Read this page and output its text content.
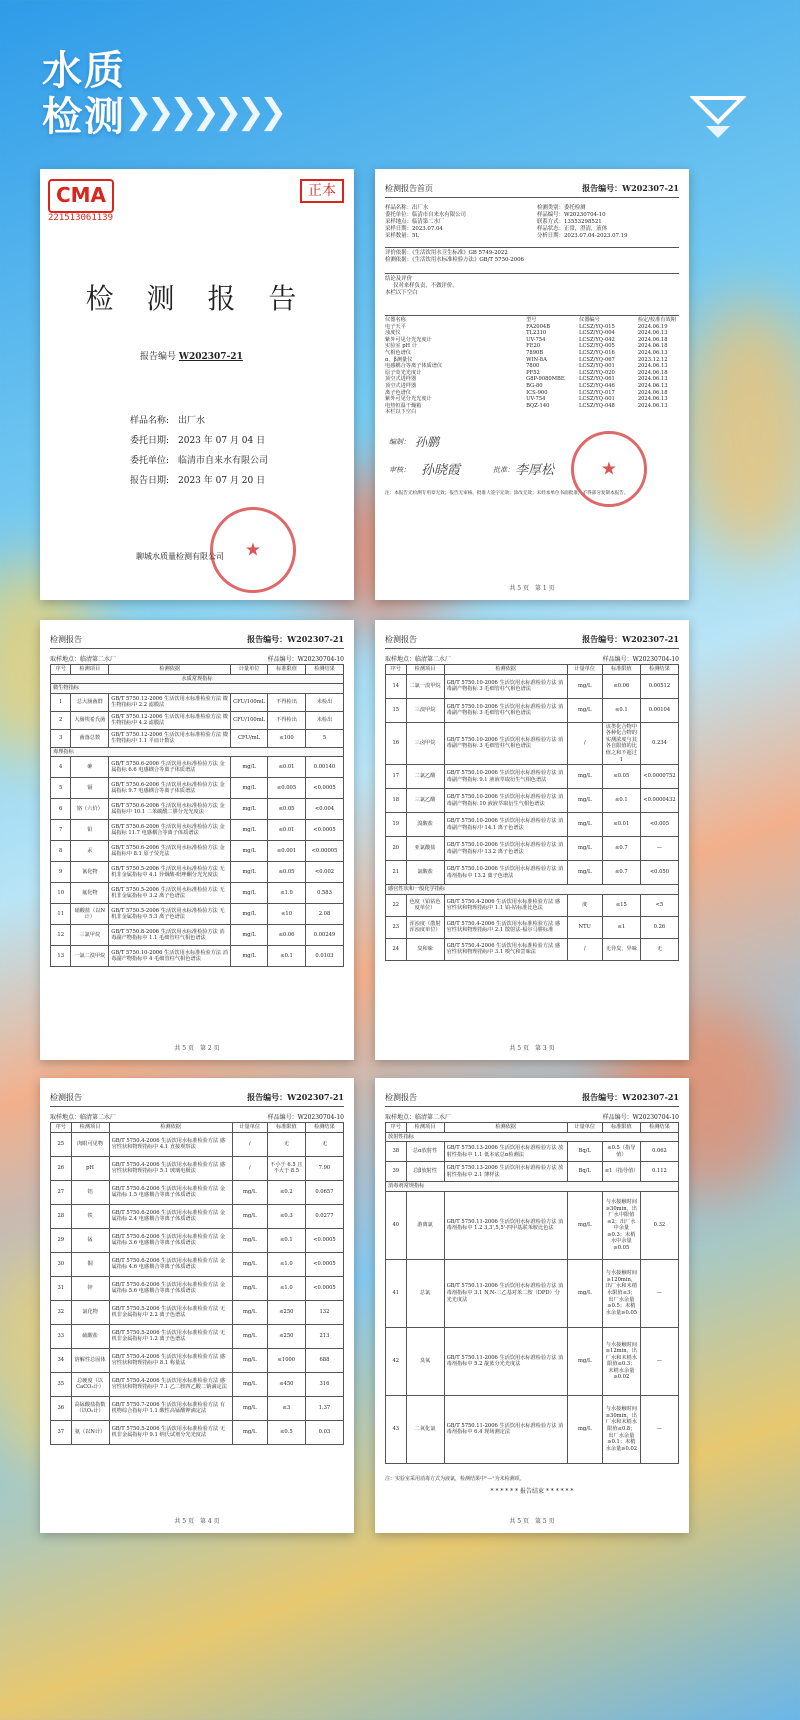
水质
检测
❯❯❯❯❯❯❯
CMA
221513061139
正本
检 测 报 告
报告编号 W202307-21
样品名称: 出厂水
委托日期: 2023 年 07 月 04 日
委托单位: 临清市自来水有限公司
报告日期: 2023 年 07 月 20 日
★
聊城水质量检测有限公司
检测报告首页	报告编号：W202307-21
样品名称：出厂水
委托单位：临清市自来水有限公司
采样地点：临清第二水厂
采样日期：2023.07.04
采样数量：5L
检测类别：委托检测
样品编号：W20230704-10
联系方式：13553298521
样品状态：正常，澄清，液体
分析日期：2023.07.04-2023.07.19
评价依据：《生活饮用水卫生标准》GB 5749-2022
检测依据：《生活饮用水标准检验方法》GB/T 5750-2006
结论及评价
仅对来样负责，不做评价。
本栏以下空白
仪器名称	型号	仪器编号	检定/校准有效期
电子天平	FA2004B	LCSZ/YQ-015	2024.06.19
浊度仪	TL2310	LCSZ/YQ-004	2024.06.13
紫外可见分光光度计	UV-754	LCSZ/YQ-042	2024.06.18
实验室 pH 计	FE20	LCSZ/YQ-005	2024.06.18
气相色谱仪	7890B	LCSZ/YQ-016	2024.06.13
α、β测量仪	WIN-8A	LCSZ/YQ-067	2023.12.12
电感耦合等离子体质谱仪	7800	LCSZ/YQ-001	2024.06.13
原子荧光光度计	PF52	LCSZ/YQ-020	2024.06.18
顶空式进样器	G8P-9080MBE	LCSZ/YQ-061	2024.06.13
顶空式进样器	BG-80	LCSZ/YQ-046	2024.06.13
离子色谱仪	ICS-900	LCSZ/YQ-017	2024.06.18
紫外可见分光光度计	UV-754	LCSZ/YQ-001	2024.06.13
电热恒温干燥箱	BQZ-140	LCSZ/YQ-048	2024.06.13
本栏以下空白
编制： 孙鹏
审核： 孙晓霞	批准： 李厚松
★
注：本报告无检测专用章无效；报告无审核、批准人签字无效；涂改无效；未经本单位书面批准，不得部分复制本报告。
共 5 页　第 1 页
检测报告	报告编号：W202307-21
取样地点：临清第二水厂	样品编号：W20230704-10
序号	检测项目	检测依据	计量单位	标准限值	检测结果
水质常规指标					
微生物指标					
1	总大肠菌群	GB/T 5750.12-2006 生活饮用水标准检验方法 微生物指标中 2.2 滤膜法	CFU/100mL	不得检出	未检出
2	大肠埃希氏菌	GB/T 5750.12-2006 生活饮用水标准检验方法 微生物指标中 4.2 滤膜法	CFU/100mL	不得检出	未检出
3	菌落总数	GB/T 5750.12-2006 生活饮用水标准检验方法 微生物指标中 1.1 平皿计数法	CFU/mL	≤100	5
毒理指标					
4	砷	GB/T 5750.6-2006 生活饮用水标准检验方法 金属指标 6.6 电感耦合等离子体质谱法	mg/L	≤0.01	0.00140
5	镉	GB/T 5750.6-2006 生活饮用水标准检验方法 金属指标 9.7 电感耦合等离子体质谱法	mg/L	≤0.005	<0.0005
6	铬（六价）	GB/T 5750.6-2006 生活饮用水标准检验方法 金属指标中 10.1 二苯碳酰二肼分光光度法	mg/L	≤0.05	<0.004
7	铅	GB/T 5750.6-2006 生活饮用水标准检验方法 金属指标 11.7 电感耦合等离子体质谱法	mg/L	≤0.01	<0.0005
8	汞	GB/T 5750.6-2006 生活饮用水标准检验方法 金属指标中 8.1 原子荧光法	mg/L	≤0.001	<0.00005
9	氰化物	GB/T 5750.5-2006 生活饮用水标准检验方法 无机非金属指标中 4.1 异烟酸-吡唑酮分光光度法	mg/L	≤0.05	<0.002
10	氟化物	GB/T 5750.5-2006 生活饮用水标准检验方法 无机非金属指标中 3.2 离子色谱法	mg/L	≤1.0	0.583
11	硝酸盐（以N计）	GB/T 5750.5-2006 生活饮用水标准检验方法 无机非金属指标中 5.3 离子色谱法	mg/L	≤10	2.08
12	三氯甲烷	GB/T 5750.8-2006 生活饮用水标准检验方法 消毒副产物指标中 1.1 毛细管柱气相色谱法	mg/L	≤0.06	0.00249
13	一氯二溴甲烷	GB/T 5750.10-2006 生活饮用水标准检验方法 消毒副产物指标中 4 毛细管柱气相色谱法	mg/L	≤0.1	0.0103
共 5 页　第 2 页
检测报告	报告编号：W202307-21
取样地点：临清第二水厂	样品编号：W20230704-10
序号	检测项目	检测依据	计量单位	标准限值	检测结果
14	二氯一溴甲烷	GB/T 5750.10-2006 生活饮用水标准检验方法 消毒副产物指标 3 毛细管柱气相色谱法	mg/L	≤0.06	0.00512
15	三溴甲烷	GB/T 5750.10-2006 生活饮用水标准检验方法 消毒副产物指标 3 毛细管柱气相色谱法	mg/L	≤0.1	0.00104
16	三卤甲烷	GB/T 5750.10-2006 生活饮用水标准检验方法 消毒副产物指标 3 毛细管柱气相色谱法	/	该类化合物中各种化合物的实测浓度与其各自限值的比值之和不超过1	0.234
17	二氯乙酸	GB/T 5750.10-2006 生活饮用水标准检验方法 消毒副产物指标 9.1 液液萃取衍生气相色谱法	mg/L	≤0.05	<0.0000752
18	三氯乙酸	GB/T 5750.10-2006 生活饮用水标准检验方法 消毒副产物指标 10 液液萃取衍生气相色谱法	mg/L	≤0.1	<0.0000432
19	溴酸盐	GB/T 5750.10-2006 生活饮用水标准检验方法 消毒副产物指标中 14.1 离子色谱法	mg/L	≤0.01	<0.005
20	亚氯酸盐	GB/T 5750.10-2006 生活饮用水标准检验方法 消毒副产物指标中 13.2 离子色谱法	mg/L	≤0.7	—
21	氯酸盐	GB/T 5750.10-2006 生活饮用水标准检验方法 消毒剂指标中 13.2 离子色谱法	mg/L	≤0.7	<0.050
感官性状和一般化学指标					
22	色度（铂钴色度单位）	GB/T 5750.4-2006 生活饮用水标准检验方法 感官性状和物理指标中 1.1 铂-钴标准比色法	度	≤15	<5
23	浑浊度（散射浑浊度单位）	GB/T 5750.4-2006 生活饮用水标准检验方法 感官性状和物理指标中 2.1 散射法-福尔马肼标准	NTU	≤1	0.26
24	臭和味	GB/T 5750.4-2006 生活饮用水标准检验方法 感官性状和物理指标中 3.1 嗅气和尝味法	/	无异臭、异味	无
共 5 页　第 3 页
检测报告	报告编号：W202307-21
取样地点：临清第二水厂	样品编号：W20230704-10
序号	检测项目	检测依据	计量单位	标准限值	检测结果
25	肉眼可见物	GB/T 5750.4-2006 生活饮用水标准检验方法 感官性状和物理指标中 4.1 直接观察法	/	无	无
26	pH	GB/T 5750.4-2006 生活饮用水标准检验方法 感官性状和物理指标中 5.1 玻璃电极法	/	不小于 6.5 且不大于 8.5	7.90
27	铝	GB/T 5750.6-2006 生活饮用水标准检验方法 金属指标 1.5 电感耦合等离子体质谱法	mg/L	≤0.2	0.0657
28	铁	GB/T 5750.6-2006 生活饮用水标准检验方法 金属指标 2.4 电感耦合等离子体质谱法	mg/L	≤0.3	0.0277
29	锰	GB/T 5750.6-2006 生活饮用水标准检验方法 金属指标 3.6 电感耦合等离子体质谱法	mg/L	≤0.1	<0.0005
30	铜	GB/T 5750.6-2006 生活饮用水标准检验方法 金属指标 4.6 电感耦合等离子体质谱法	mg/L	≤1.0	<0.0005
31	锌	GB/T 5750.6-2006 生活饮用水标准检验方法 金属指标 5.6 电感耦合等离子体质谱法	mg/L	≤1.0	<0.0005
32	氯化物	GB/T 5750.5-2006 生活饮用水标准检验方法 无机非金属指标中 2.2 离子色谱法	mg/L	≤250	132
33	硫酸盐	GB/T 5750.5-2006 生活饮用水标准检验方法 无机非金属指标中 1.2 离子色谱法	mg/L	≤250	213
34	溶解性总固体	GB/T 5750.4-2006 生活饮用水标准检验方法 感官性状和物理指标中 8.1 称量法	mg/L	≤1000	688
35	总硬度（以CaCO₃计）	GB/T 5750.4-2006 生活饮用水标准检验方法 感官性状和物理指标中 7.1 乙二胺四乙酸二钠滴定法	mg/L	≤450	316
36	高锰酸盐指数（以O₂计）	GB/T 5750.7-2006 生活饮用水标准检验方法 有机物综合指标中 1.1 酸性高锰酸钾滴定法	mg/L	≤3	1.37
37	氨（以N计）	GB/T 5750.5-2006 生活饮用水标准检验方法 无机非金属指标中 9.1 纳氏试剂分光光度法	mg/L	≤0.5	0.03
共 5 页　第 4 页
检测报告	报告编号：W202307-21
取样地点：临清第二水厂	样品编号：W20230704-10
序号	检测项目	检测依据	计量单位	标准限值	检测结果
放射性指标					
38	总α放射性	GB/T 5750.13-2006 生活饮用水标准检验方法 放射性指标中 1.1 低本底总α检测法	Bq/L	≤0.5（指导值）	0.062
39	总β放射性	GB/T 5750.13-2006 生活饮用水标准检验方法 放射性指标中 2.1 薄样法	Bq/L	≤1（指导值）	0.112
消毒剂常规指标					
40	游离氯	GB/T 5750.11-2006 生活饮用水标准检验方法 消毒剂指标中 1.2 3,3',5,5'-四甲基联苯胺比色法	mg/L	与水接触时间≥30min，出厂水中限值≤2；出厂水中余量≥0.3；末梢水中余量≥0.05	0.32
41	总氯	GB/T 5750.11-2006 生活饮用水标准检验方法 消毒剂指标中 3.1 N,N-二乙基对苯二胺（DPD）分光光度法	mg/L	与水接触时间≥120min，出厂水和末梢水限值≤3；出厂水余量≥0.5；末梢水余量≥0.05	—
42	臭氧	GB/T 5750.11-2006 生活饮用水标准检验方法 消毒剂指标中 5.2 靛蓝分光光度法	mg/L	与水接触时间≥12min，出厂水和末梢水限值≤0.3；末梢水余量≥0.02	—
43	二氧化氯	GB/T 5750.11-2006 生活饮用水标准检验方法 消毒剂指标中 6.4 现场测定法	mg/L	与水接触时间≥30min，出厂水和末梢水限值≤0.8；出厂水余量≥0.1；末梢水余量≥0.02	—
注：实验室采用消毒方式为液氯，检测结果中"—"为未检测项。
* * * * * * 报告结束 * * * * * *
共 5 页　第 5 页
